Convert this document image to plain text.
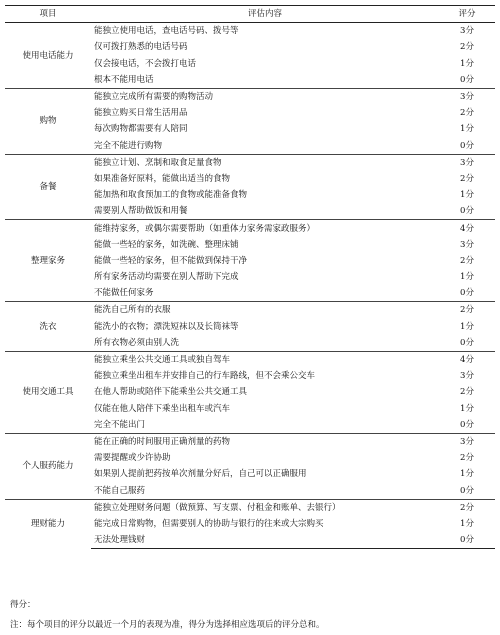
项目	评估内容	评分
使用电话能力	能独立使用电话，查电话号码、拨号等	3分
	仅可拨打熟悉的电话号码	2分
	仅会接电话，不会拨打电话	1分
	根本不能用电话	0分
购物	能独立完成所有需要的购物活动	3分
	能独立购买日常生活用品	2分
	每次购物都需要有人陪同	1分
	完全不能进行购物	0分
备餐	能独立计划、烹制和取食足量食物	3分
	如果准备好原料，能做出适当的食物	2分
	能加热和取食预加工的食物或能准备食物	1分
	需要别人帮助做饭和用餐	0分
整理家务	能维持家务，或偶尔需要帮助（如重体力家务需家政服务）	4分
	能做一些轻的家务，如洗碗、整理床铺	3分
	能做一些轻的家务，但不能做到保持干净	2分
	所有家务活动均需要在别人帮助下完成	1分
	不能做任何家务	0分
洗衣	能洗自己所有的衣服	2分
	能洗小的衣物；漂洗短袜以及长筒袜等	1分
	所有衣物必须由别人洗	0分
使用交通工具	能独立乘坐公共交通工具或独自驾车	4分
	能独立乘坐出租车并安排自己的行车路线，但不会乘公交车	3分
	在他人帮助或陪伴下能乘坐公共交通工具	2分
	仅能在他人陪伴下乘坐出租车或汽车	1分
	完全不能出门	0分
个人服药能力	能在正确的时间服用正确剂量的药物	3分
	需要提醒或少许协助	2分
	如果别人提前把药按单次剂量分好后，自己可以正确服用	1分
	不能自己服药	0分
理财能力	能独立处理财务问题（做预算、写支票、付租金和账单、去银行）	2分
	能完成日常购物，但需要别人的协助与银行的往来或大宗购买	1分
	无法处理钱财	0分
得分：
注：每个项目的评分以最近一个月的表现为准，得分为选择相应选项后的评分总和。
